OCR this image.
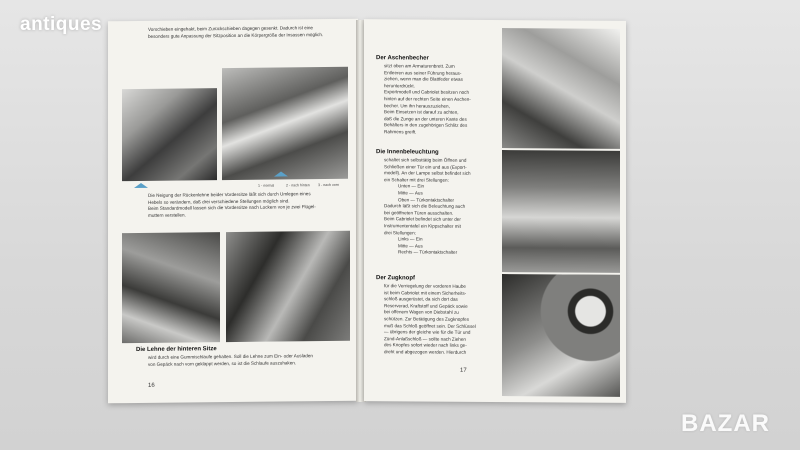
Vorschieben eingehakt, beim Zurückschieben dagegen gesenkt. Dadurch ist eine
besonders gute Anpassung der Sitzposition an die Körpergröße der Insassen möglich.
1 - normal	2 - nach hinten 3 - nach vorn
Die Neigung der Rückenlehne beider Vordersitze läßt sich durch Umlegen eines
Hebels so verändern, daß drei verschiedene Stellungen möglich sind.
Beim Standardmodell lassen sich die Vordersitze nach Lockern von je zwei Flügel-
muttern verstellen.
Die Lehne der hinteren Sitze
wird durch eine Gummischlaufe gehalten. Soll die Lehne zum Ein- oder Ausladen
von Gepäck nach vorn geklappt werden, so ist die Schlaufe auszuhaken.
16
Der Aschenbecher
sitzt oben am Armaturenbrett. Zum
Entleeren aus seiner Führung heraus-
ziehen, wenn man die Blattfeder etwas
herunterdrückt.
Exportmodell und Cabriolet besitzen noch
hinten auf der rechten Seite einen Aschen-
becher. Um ihn herauszuziehen,
Beim Einsetzen ist darauf zu achten,
daß die Zunge an der unteren Kante des
Behälters in den zugehörigen Schlitz des
Rahmens greift.
Die Innenbeleuchtung
schaltet sich selbsttätig beim Öffnen und
Schließen einer Tür ein und aus (Export-
modell). An der Lampe selbst befindet sich
ein Schalter mit drei Stellungen:
Unten — Ein
Mitte — Aus
Oben — Türkontaktschalter
Dadurch läßt sich die Beleuchtung auch
bei geöffneten Türen ausschalten.
Beim Cabriolet befindet sich unter der
Instrumententafel ein Kippschalter mit
drei Stellungen:
Links — Ein
Mitte — Aus
Rechts — Türkontaktschalter
Der Zugknopf
für die Verriegelung der vorderen Haube
ist beim Cabriolet mit einem Sicherheits-
schloß ausgerüstet, da sich dort das
Reserverad, Kraftstoff und Gepäck sowie
bei offenem Wagen von Diebstahl zu
schützen. Zur Betätigung des Zugknopfes
muß das Schloß geöffnet sein. Der Schlüssel
— übrigens der gleiche wie für die Tür und
Zünd-Anlaßschloß — sollte nach Ziehen
des Knopfes sofort wieder nach links ge-
dreht und abgezogen werden. Hierdurch
17
antiques
BAZAR
